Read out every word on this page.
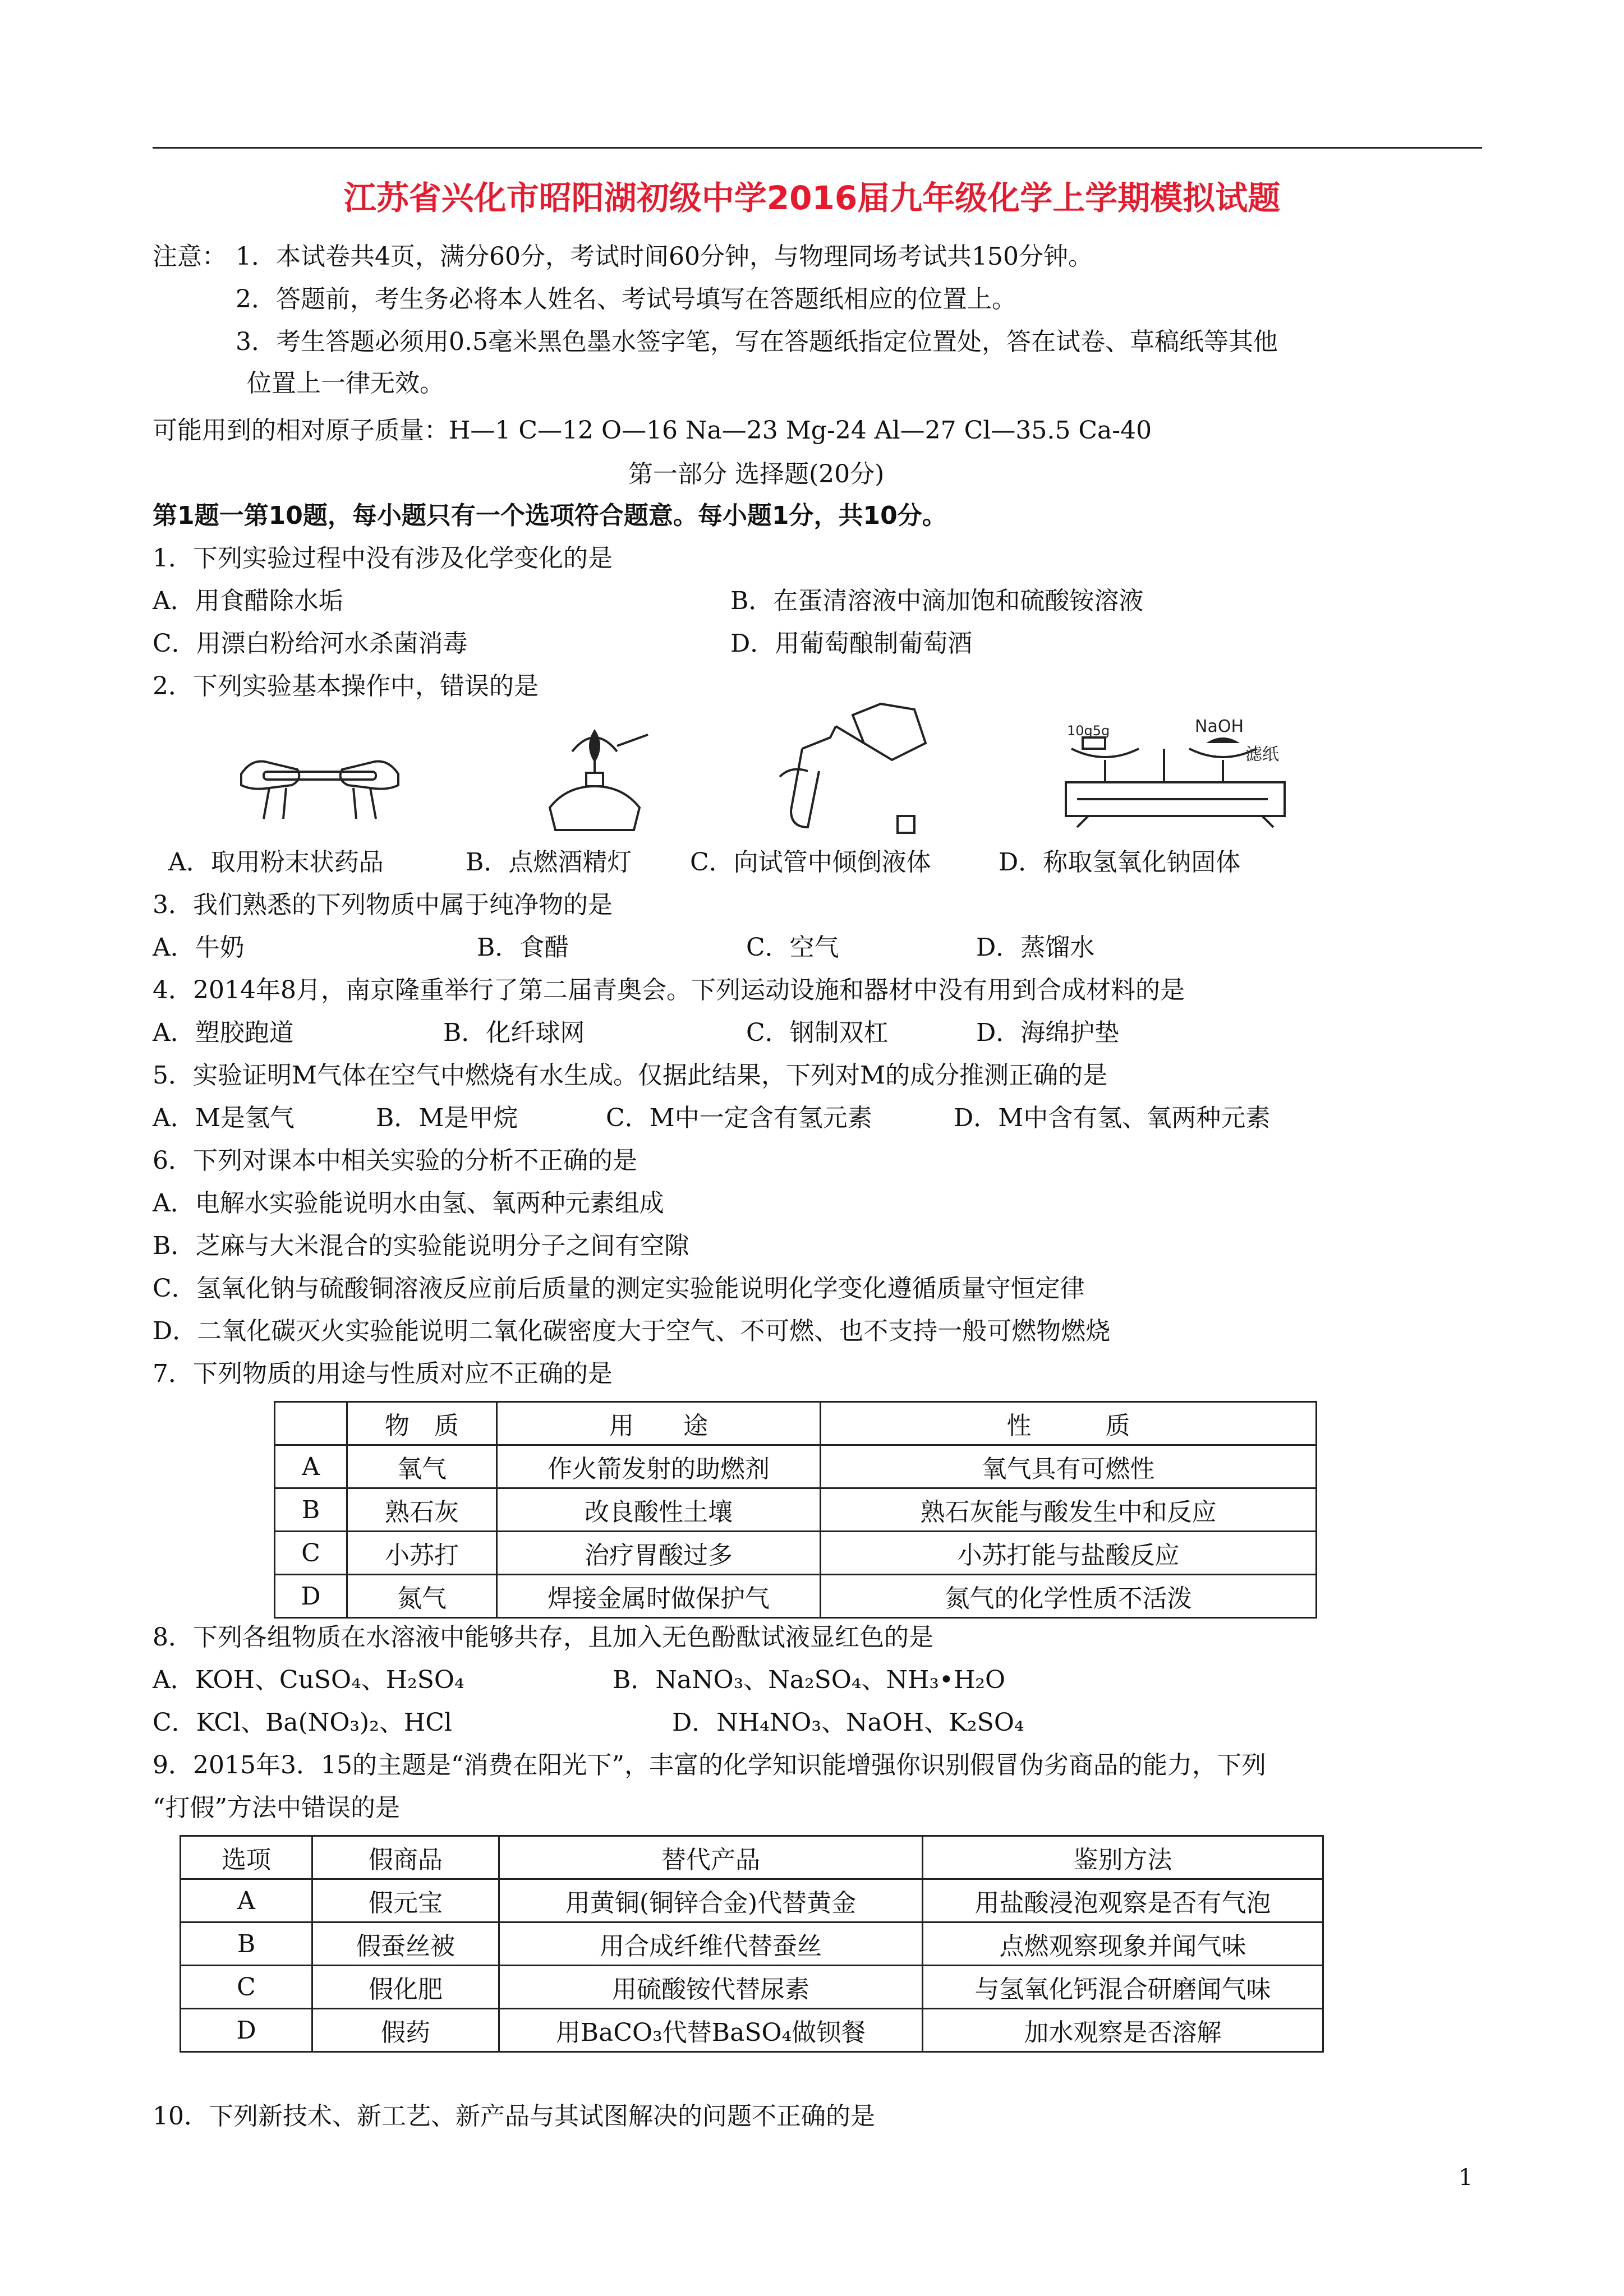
江苏省兴化市昭阳湖初级中学2016届九年级化学上学期模拟试题
注意： 1．本试卷共4页，满分60分，考试时间60分钟，与物理同场考试共150分钟。
2．答题前，考生务必将本人姓名、考试号填写在答题纸相应的位置上。
3．考生答题必须用0.5毫米黑色墨水签字笔，写在答题纸指定位置处，答在试卷、草稿纸等其他
位置上一律无效。
可能用到的相对原子质量：H—1 C—12 O—16 Na—23 Mg-24 Al—27 Cl—35.5 Ca-40
第一部分 选择题(20分)
第1题一第10题，每小题只有一个选项符合题意。每小题1分，共10分。
1．下列实验过程中没有涉及化学变化的是
A．用食醋除水垢	B．在蛋清溶液中滴加饱和硫酸铵溶液
C．用漂白粉给河水杀菌消毒	D．用葡萄酿制葡萄酒
2．下列实验基本操作中，错误的是
10g5g	NaOH
滤纸
A．取用粉末状药品	B．点燃酒精灯 C．向试管中倾倒液体	D．称取氢氧化钠固体
3．我们熟悉的下列物质中属于纯净物的是
A．牛奶	B．食醋	C．空气	D．蒸馏水
4．2014年8月，南京隆重举行了第二届青奥会。下列运动设施和器材中没有用到合成材料的是
A．塑胶跑道	B．化纤球网	C．钢制双杠	D．海绵护垫
5．实验证明M气体在空气中燃烧有水生成。仅据此结果，下列对M的成分推测正确的是
A．M是氢气	B．M是甲烷	C．M中一定含有氢元素	D．M中含有氢、氧两种元素
6．下列对课本中相关实验的分析不正确的是
A．电解水实验能说明水由氢、氧两种元素组成
B．芝麻与大米混合的实验能说明分子之间有空隙
C．氢氧化钠与硫酸铜溶液反应前后质量的测定实验能说明化学变化遵循质量守恒定律
D．二氧化碳灭火实验能说明二氧化碳密度大于空气、不可燃、也不支持一般可燃物燃烧
7．下列物质的用途与性质对应不正确的是
	物　质	用　　途	性　　　质
A	氧气	作火箭发射的助燃剂	氧气具有可燃性
B	熟石灰	改良酸性土壤	熟石灰能与酸发生中和反应
C	小苏打	治疗胃酸过多	小苏打能与盐酸反应
D	氮气	焊接金属时做保护气	氮气的化学性质不活泼
8．下列各组物质在水溶液中能够共存，且加入无色酚酞试液显红色的是
A．KOH、CuSO₄、H₂SO₄	B．NaNO₃、Na₂SO₄、NH₃•H₂O
C．KCl、Ba(NO₃)₂、HCl	D．NH₄NO₃、NaOH、K₂SO₄
9．2015年3．15的主题是“消费在阳光下”，丰富的化学知识能增强你识别假冒伪劣商品的能力，下列
“打假”方法中错误的是
选项	假商品	替代产品	鉴别方法
A	假元宝	用黄铜(铜锌合金)代替黄金	用盐酸浸泡观察是否有气泡
B	假蚕丝被	用合成纤维代替蚕丝	点燃观察现象并闻气味
C	假化肥	用硫酸铵代替尿素	与氢氧化钙混合研磨闻气味
D	假药	用BaCO₃代替BaSO₄做钡餐	加水观察是否溶解
10．下列新技术、新工艺、新产品与其试图解决的问题不正确的是
1
